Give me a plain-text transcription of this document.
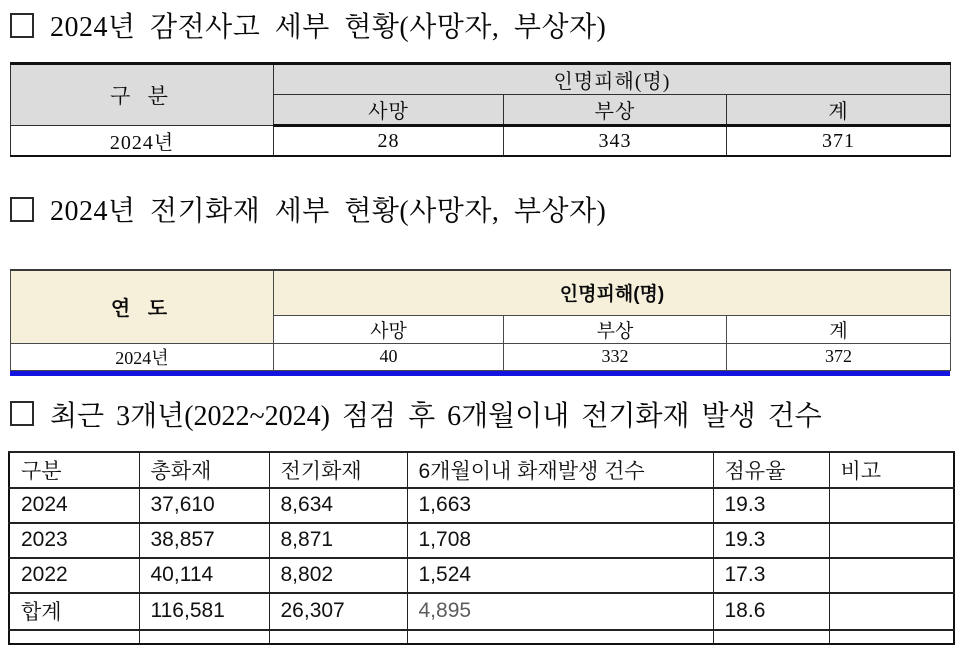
2024년 감전사고 세부 현황(사망자, 부상자)
구 분	인명피해(명)		
	사망	부상	계
2024년	28	343	371
2024년 전기화재 세부 현황(사망자, 부상자)
연 도	인명피해(명)		
	사망	부상	계
2024년	40	332	372
최근 3개년(2022~2024) 점검 후 6개월이내 전기화재 발생 건수
구분	총화재	전기화재	6개월이내 화재발생 건수	점유율	비고
2024	37,610	8,634	1,663	19.3	
2023	38,857	8,871	1,708	19.3	
2022	40,114	8,802	1,524	17.3	
합계	116,581	26,307	4,895	18.6	
